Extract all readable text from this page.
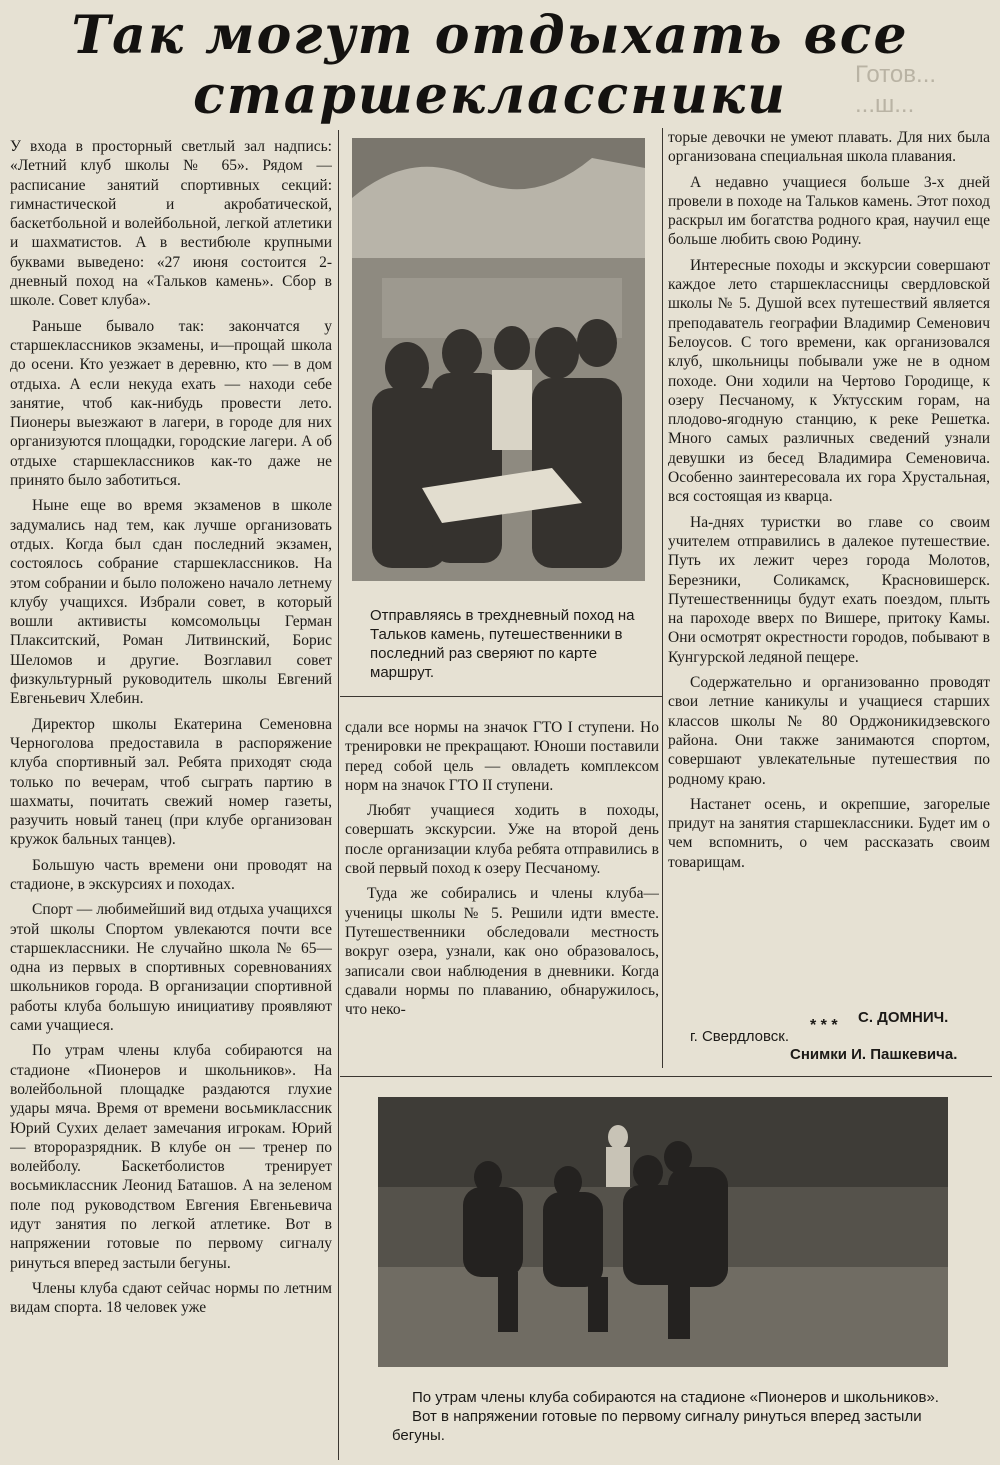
Так могут отдыхать все старшеклассники	Готов... ...ш...

У входа в просторный светлый зал надпись: «Летний клуб школы № 65». Рядом — расписание занятий спортивных секций: гимнастической и акробатической, баскетбольной и волейбольной, легкой атлетики и шахматистов. А в вестибюле крупными буквами выведено: «27 июня состоится 2-дневный поход на «Тальков камень». Сбор в школе. Совет клуба».

Раньше бывало так: закончатся у старшеклассников экзамены, и—прощай школа до осени. Кто уезжает в деревню, кто — в дом отдыха. А если некуда ехать — находи себе занятие, чтоб как-нибудь провести лето. Пионеры выезжают в лагери, в городе для них организуются площадки, городские лагери. А об отдыхе старшеклассников как-то даже не принято было заботиться.

Ныне еще во время экзаменов в школе задумались над тем, как лучше организовать отдых. Когда был сдан последний экзамен, состоялось собрание старшеклассников. На этом собрании и было положено начало летнему клубу учащихся. Избрали совет, в который вошли активисты комсомольцы Герман Плакситский, Роман Литвинский, Борис Шеломов и другие. Возглавил совет физкультурный руководитель школы Евгений Евгеньевич Хлебин.

Директор школы Екатерина Семеновна Черноголова предоставила в распоряжение клуба спортивный зал. Ребята приходят сюда только по вечерам, чтоб сыграть партию в шахматы, почитать свежий номер газеты, разучить новый танец (при клубе организован кружок бальных танцев).

Большую часть времени они проводят на стадионе, в экскурсиях и походах.

Спорт — любимейший вид отдыха учащихся этой школы Спортом увлекаются почти все старшеклассники. Не случайно школа № 65—одна из первых в спортивных соревнованиях школьников города. В организации спортивной работы клуба большую инициативу проявляют сами учащиеся.

По утрам члены клуба собираются на стадионе «Пионеров и школьников». На волейбольной площадке раздаются глухие удары мяча. Время от времени восьмиклассник Юрий Сухих делает замечания игрокам. Юрий — второразрядник. В клубе он — тренер по волейболу. Баскетболистов тренирует восьмиклассник Леонид Баташов. А на зеленом поле под руководством Евгения Евгеньевича идут занятия по легкой атлетике. Вот в напряжении готовые по первому сигналу ринуться вперед застыли бегуны.

Члены клуба сдают сейчас нормы по летним видам спорта. 18 человек уже

Отправляясь в трехдневный поход на Тальков камень, путешественники в последний раз сверяют по карте маршрут.

сдали все нормы на значок ГТО I ступени. Но тренировки не прекращают. Юноши поставили перед собой цель — овладеть комплексом норм на значок ГТО II ступени.

Любят учащиеся ходить в походы, совершать экскурсии. Уже на второй день после организации клуба ребята отправились в свой первый поход к озеру Песчаному.

Туда же собирались и члены клуба—ученицы школы № 5. Решили идти вместе. Путешественники обследовали местность вокруг озера, узнали, как оно образовалось, записали свои наблюдения в дневники. Когда сдавали нормы по плаванию, обнаружилось, что неко-

торые девочки не умеют плавать. Для них была организована специальная школа плавания.

А недавно учащиеся больше 3-х дней провели в походе на Тальков камень. Этот поход раскрыл им богатства родного края, научил еще больше любить свою Родину.

Интересные походы и экскурсии совершают каждое лето старшеклассницы свердловской школы № 5. Душой всех путешествий является преподаватель географии Владимир Семенович Белоусов. С того времени, как организовался клуб, школьницы побывали уже не в одном походе. Они ходили на Чертово Городище, к озеру Песчаному, к Уктусским горам, на плодово-ягодную станцию, к реке Решетка. Много самых различных сведений узнали девушки из бесед Владимира Семеновича. Особенно заинтересовала их гора Хрустальная, вся состоящая из кварца.

На-днях туристки во главе со своим учителем отправились в далекое путешествие. Путь их лежит через города Молотов, Березники, Соликамск, Красновишерск. Путешественницы будут ехать поездом, плыть на пароходе вверх по Вишере, притоку Камы. Они осмотрят окрестности городов, побывают в Кунгурской ледяной пещере.

Содержательно и организованно проводят свои летние каникулы и учащиеся старших классов школы № 80 Орджоникидзевского района. Они также занимаются спортом, совершают увлекательные путешествия по родному краю.

Настанет осень, и окрепшие, загорелые придут на занятия старшеклассники. Будет им о чем вспомнить, о чем рассказать своим товарищам.

С. ДОМНИЧ.
г. Свердловск.
* * *
Снимки И. Пашкевича.
По утрам члены клуба собираются на стадионе «Пионеров и школьников».
Вот в напряжении готовые по первому сигналу ринуться вперед застыли бегуны.
